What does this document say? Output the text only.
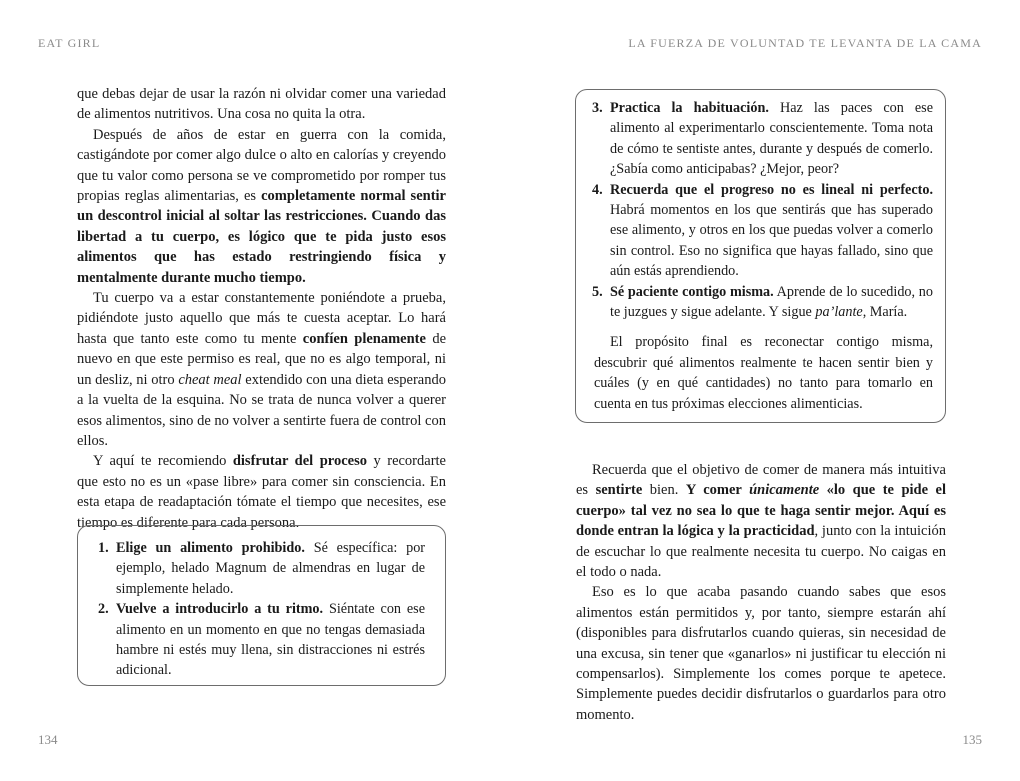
EAT GIRL

que debas dejar de usar la razón ni olvidar comer una variedad de alimentos nutritivos. Una cosa no quita la otra.

Después de años de estar en guerra con la comida, castigándote por comer algo dulce o alto en calorías y creyendo que tu valor como persona se ve comprometido por romper tus propias reglas alimentarias, es completamente normal sentir un descontrol inicial al soltar las restricciones. Cuando das libertad a tu cuerpo, es lógico que te pida justo esos alimentos que has estado restringiendo física y mentalmente durante mucho tiempo.

Tu cuerpo va a estar constantemente poniéndote a prueba, pidiéndote justo aquello que más te cuesta aceptar. Lo hará hasta que tanto este como tu mente confíen plenamente de nuevo en que este permiso es real, que no es algo temporal, ni un desliz, ni otro cheat meal extendido con una dieta esperando a la vuelta de la esquina. No se trata de nunca volver a querer esos alimentos, sino de no volver a sentirte fuera de control con ellos.

Y aquí te recomiendo disfrutar del proceso y recordarte que esto no es un «pase libre» para comer sin consciencia. En esta etapa de readaptación tómate el tiempo que necesites, ese tiempo es diferente para cada persona.

1. Elige un alimento prohibido. Sé específica: por ejemplo, helado Magnum de almendras en lugar de simplemente helado.
2. Vuelve a introducirlo a tu ritmo. Siéntate con ese alimento en un momento en que no tengas demasiada hambre ni estés muy llena, sin distracciones ni estrés adicional.
134
LA FUERZA DE VOLUNTAD TE LEVANTA DE LA CAMA
3. Practica la habituación. Haz las paces con ese alimento al experimentarlo conscientemente. Toma nota de cómo te sentiste antes, durante y después de comerlo. ¿Sabía como anticipabas? ¿Mejor, peor?
4. Recuerda que el progreso no es lineal ni perfecto. Habrá momentos en los que sentirás que has superado ese alimento, y otros en los que puedas volver a comerlo sin control. Eso no significa que hayas fallado, sino que aún estás aprendiendo.
5. Sé paciente contigo misma. Aprende de lo sucedido, no te juzgues y sigue adelante. Y sigue pa’lante, María.

El propósito final es reconectar contigo misma, descubrir qué alimentos realmente te hacen sentir bien y cuáles (y en qué cantidades) no tanto para tomarlo en cuenta en tus próximas elecciones alimenticias.

Recuerda que el objetivo de comer de manera más intuitiva es sentirte bien. Y comer únicamente «lo que te pide el cuerpo» tal vez no sea lo que te haga sentir mejor. Aquí es donde entran la lógica y la practicidad, junto con la intuición de escuchar lo que realmente necesita tu cuerpo. No caigas en el todo o nada.

Eso es lo que acaba pasando cuando sabes que esos alimentos están permitidos y, por tanto, siempre estarán ahí (disponibles para disfrutarlos cuando quieras, sin necesidad de una excusa, sin tener que «ganarlos» ni justificar tu elección ni compensarlos). Simplemente los comes porque te apetece. Simplemente puedes decidir disfrutarlos o guardarlos para otro momento.

135
